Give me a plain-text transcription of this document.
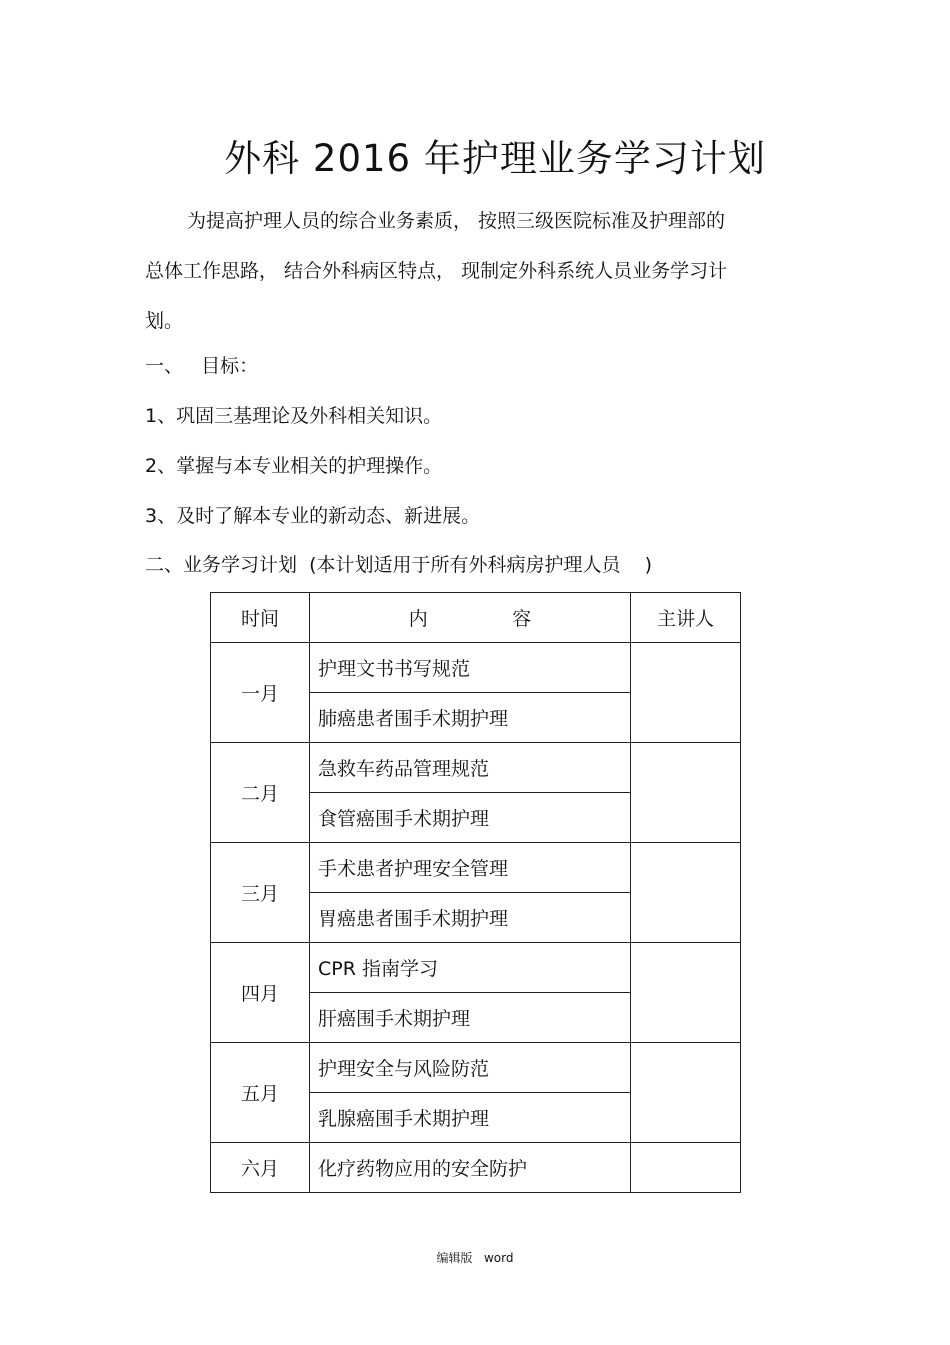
外科 2016 年护理业务学习计划

为提高护理人员的综合业务素质， 按照三级医院标准及护理部的
总体工作思路， 结合外科病区特点， 现制定外科系统人员业务学习计
划。

一、   目标：
1、巩固三基理论及外科相关知识。
2、掌握与本专业相关的护理操作。
3、及时了解本专业的新动态、新进展。
二、业务学习计划  (本计划适用于所有外科病房护理人员    )
时间	内              容	主讲人
一月	护理文书书写规范	
	肺癌患者围手术期护理	
二月	急救车药品管理规范	
	食管癌围手术期护理	
三月	手术患者护理安全管理	
	胃癌患者围手术期护理	
四月	CPR 指南学习	
	肝癌围手术期护理	
五月	护理安全与风险防范	
	乳腺癌围手术期护理	
六月	化疗药物应用的安全防护	
编辑版   word
